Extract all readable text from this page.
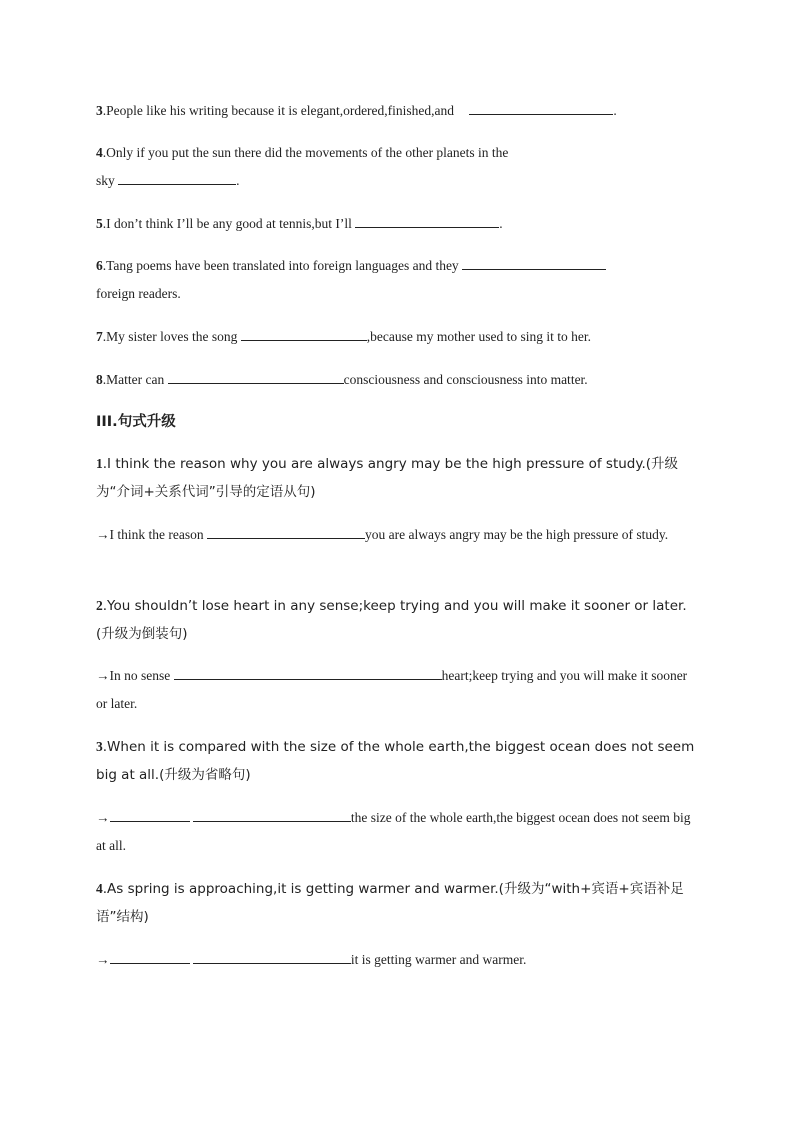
3.People like his writing because it is elegant,ordered,finished,and	.
4.Only if you put the sun there did the movements of the other planets in the
sky	.
5.I don’t think I’ll be any good at tennis,but I’ll	.
6.Tang poems have been translated into foreign languages and they
foreign readers.
7.My sister loves the song	,because my mother used to sing it to her.
8.Matter can	consciousness and consciousness into matter.
III.句式升级
1.I think the reason why you are always angry may be the high pressure of study.(升级为“介词+关系代词”引导的定语从句)
→I think the reason	you are always angry may be the high pressure of study.
2.You shouldn’t lose heart in any sense;keep trying and you will make it sooner or later.(升级为倒装句)
→In no sense	heart;keep trying and you will make it sooner or later.
3.When it is compared with the size of the whole earth,the biggest ocean does not seem big at all.(升级为省略句)
→	the size of the whole earth,the biggest ocean does not seem big at all.
4.As spring is approaching,it is getting warmer and warmer.(升级为“with+宾语+宾语补足语”结构)
→	it is getting warmer and warmer.
